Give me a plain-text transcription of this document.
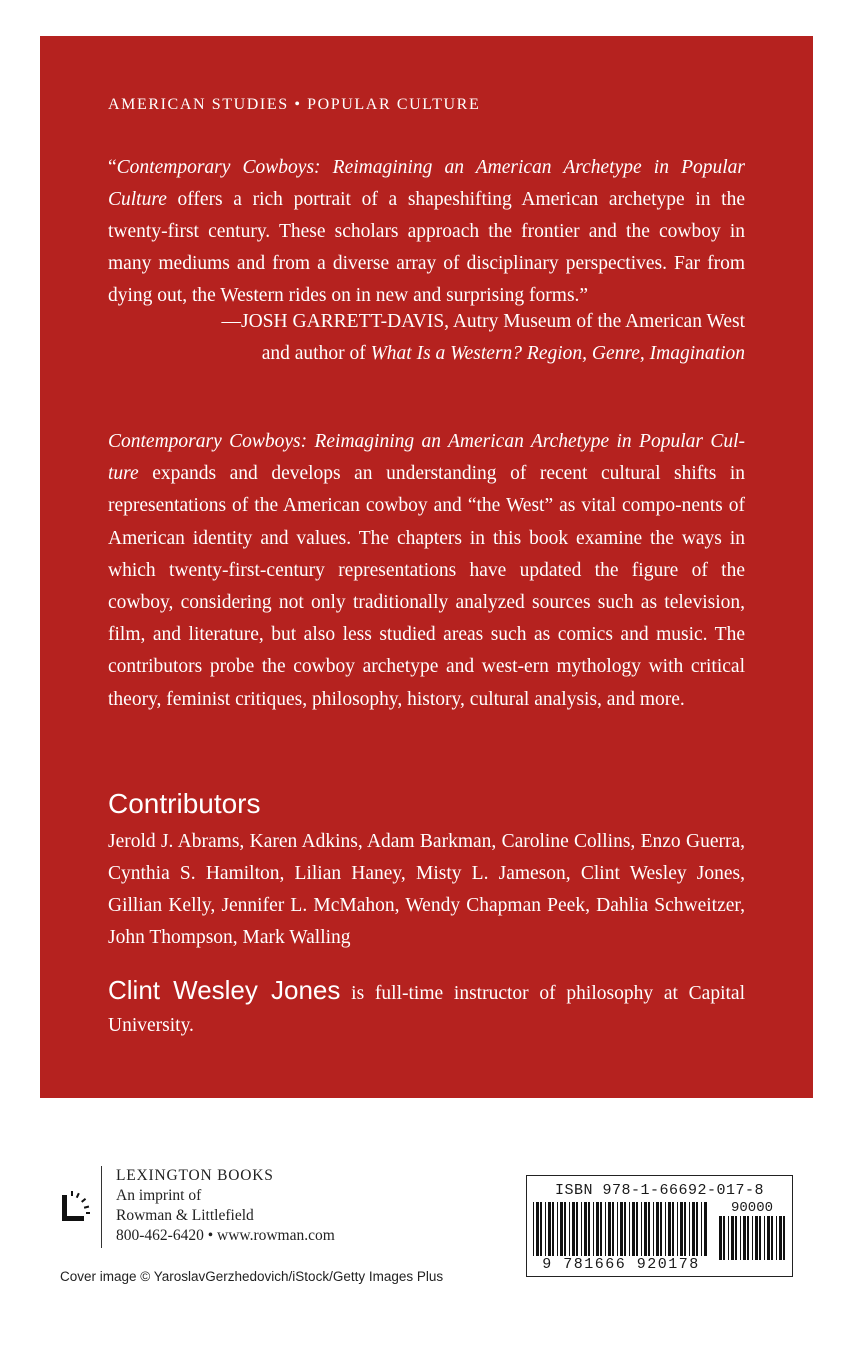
AMERICAN STUDIES • POPULAR CULTURE
“Contemporary Cowboys: Reimagining an American Archetype in Popular Culture offers a rich portrait of a shapeshifting American archetype in the twenty-first century. These scholars approach the frontier and the cowboy in many mediums and from a diverse array of disciplinary perspectives. Far from dying out, the Western rides on in new and surprising forms.”
—JOSH GARRETT-DAVIS, Autry Museum of the American West
and author of What Is a Western? Region, Genre, Imagination
Contemporary Cowboys: Reimagining an American Archetype in Popular Cul-ture expands and develops an understanding of recent cultural shifts in representations of the American cowboy and “the West” as vital compo-nents of American identity and values. The chapters in this book examine the ways in which twenty-first-century representations have updated the figure of the cowboy, considering not only traditionally analyzed sources such as television, film, and literature, but also less studied areas such as comics and music. The contributors probe the cowboy archetype and west-ern mythology with critical theory, feminist critiques, philosophy, history, cultural analysis, and more.
Contributors
Jerold J. Abrams, Karen Adkins, Adam Barkman, Caroline Collins, Enzo Guerra, Cynthia S. Hamilton, Lilian Haney, Misty L. Jameson, Clint Wesley Jones, Gillian Kelly, Jennifer L. McMahon, Wendy Chapman Peek, Dahlia Schweitzer, John Thompson, Mark Walling
Clint Wesley Jones is full-time instructor of philosophy at Capital University.
LEXINGTON BOOKS
An imprint of
Rowman & Littlefield
800-462-6420 • www.rowman.com
Cover image © YaroslavGerzhedovich/iStock/Getty Images Plus
ISBN 978-1-66692-017-8
90000
9 781666 920178
